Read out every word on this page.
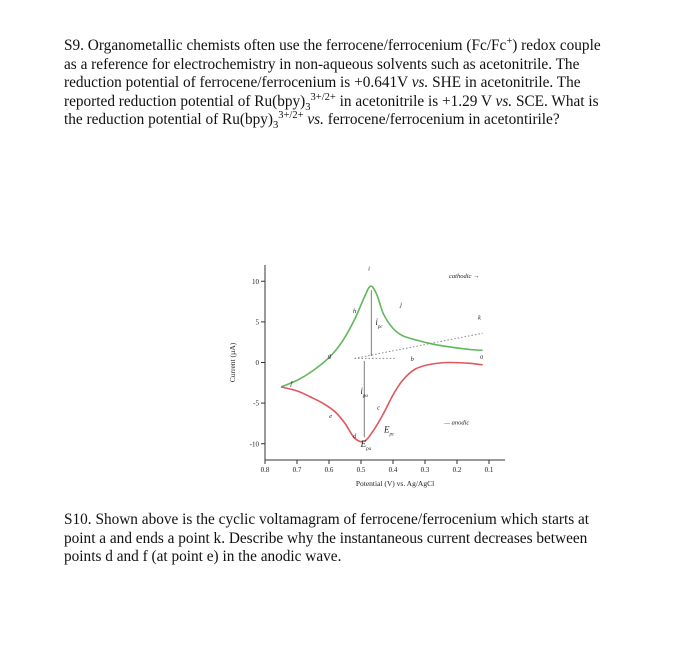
S9. Organometallic chemists often use the ferrocene/ferrocenium (Fc/Fc+) redox couple

as a reference for electrochemistry in non-aqueous solvents such as acetonitrile. The

reduction potential of ferrocene/ferrocenium is +0.641V vs. SHE in acetonitrile. The

reported reduction potential of $Ru(bpy)_3^{3+/2+}$ in acetonitrile is +1.29 V vs. SCE. What is

the reduction potential of $Ru(bpy)_3^{3+/2+}$ vs. ferrocene/ferrocenium in acetontirile?

10
5
0
-5
-10
0.8	0.7	0.6	0.5	0.4	0.3	0.2	0.1
Potential (V) vs. Ag/AgCl
Current (µA)	a
b
c
d
e
f
g
h
i
j
k
$i_{pc}$
$i_{pa}$
$E_{pc}$
$E_{pa}$
cathodic →
— anodic

S10. Shown above is the cyclic voltamagram of ferrocene/ferrocenium which starts at

point a and ends a point k. Describe why the instantaneous current decreases between

points d and f (at point e) in the anodic wave.
